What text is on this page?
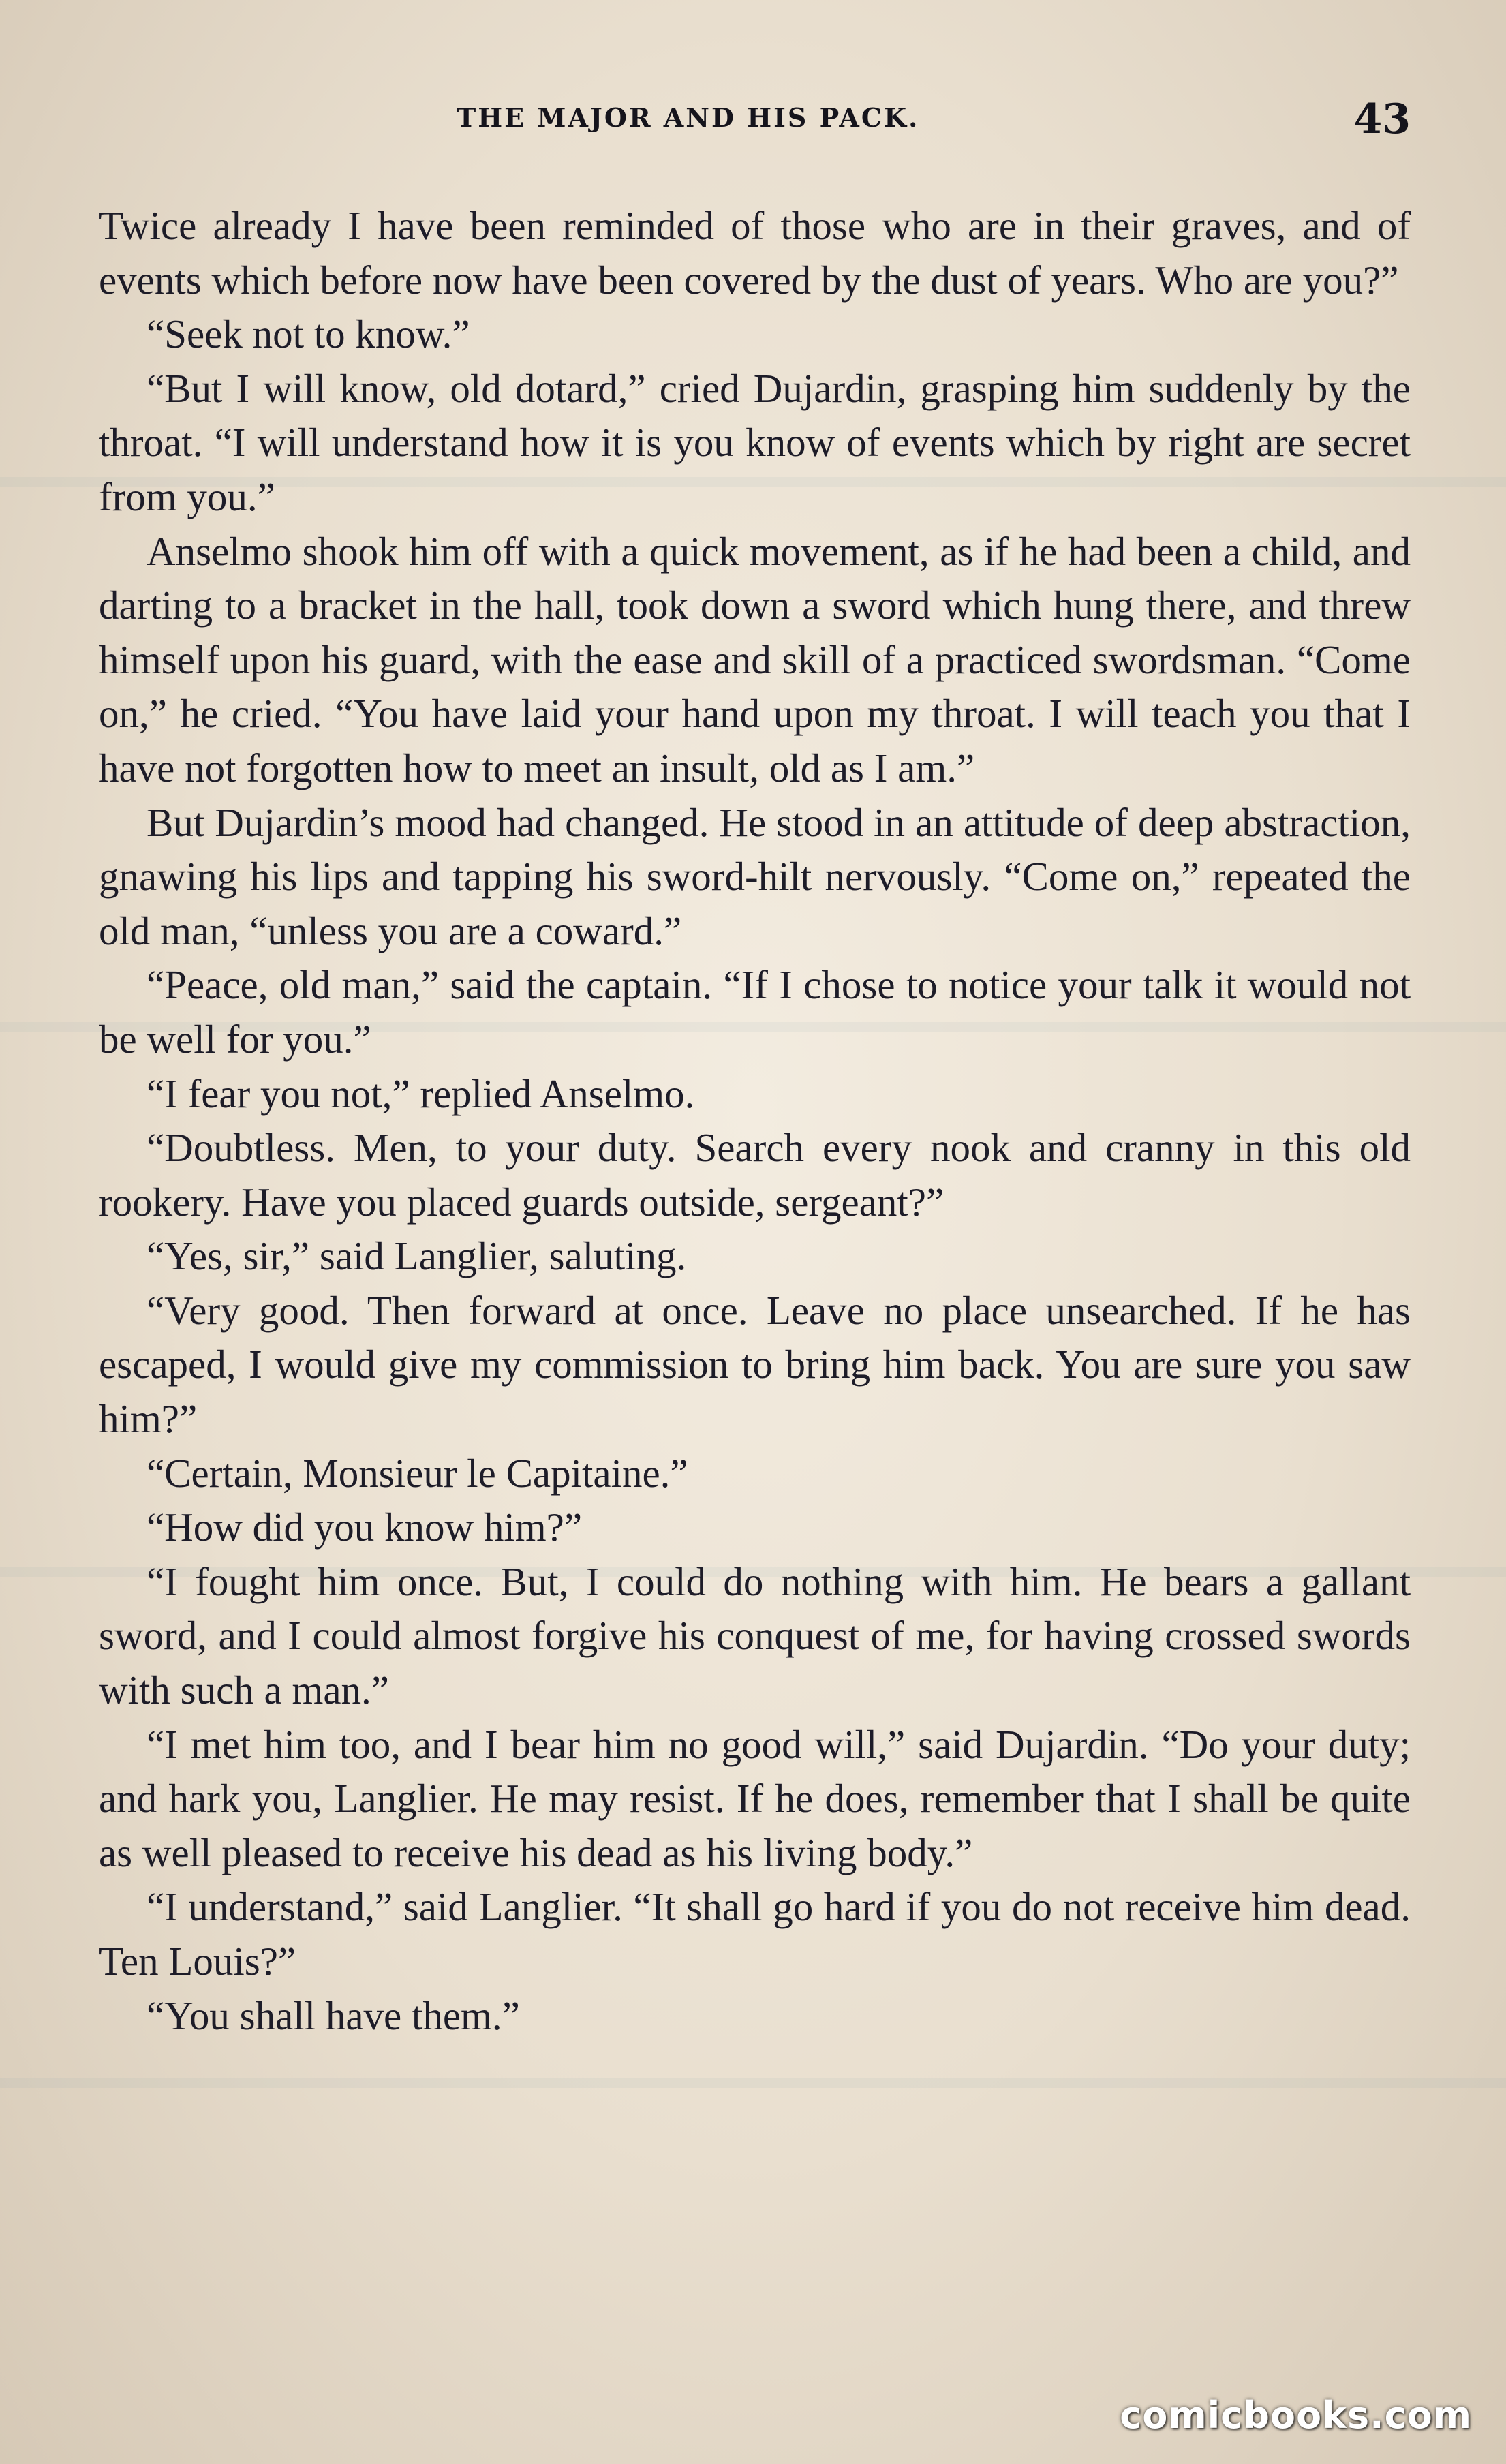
THE MAJOR AND HIS PACK.	43

Twice already I have been reminded of those who are in their graves, and of events which before now have been covered by the dust of years. Who are you?”

“Seek not to know.”

“But I will know, old dotard,” cried Dujardin, grasping him suddenly by the throat. “I will understand how it is you know of events which by right are secret from you.”

Anselmo shook him off with a quick movement, as if he had been a child, and darting to a bracket in the hall, took down a sword which hung there, and threw himself upon his guard, with the ease and skill of a practiced swordsman. “Come on,” he cried. “You have laid your hand upon my throat. I will teach you that I have not forgotten how to meet an insult, old as I am.”

But Dujardin’s mood had changed. He stood in an attitude of deep abstraction, gnawing his lips and tapping his sword-hilt nervously. “Come on,” repeated the old man, “unless you are a coward.”

“Peace, old man,” said the captain. “If I chose to notice your talk it would not be well for you.”

“I fear you not,” replied Anselmo.

“Doubtless. Men, to your duty. Search every nook and cranny in this old rookery. Have you placed guards outside, sergeant?”

“Yes, sir,” said Langlier, saluting.

“Very good. Then forward at once. Leave no place unsearched. If he has escaped, I would give my commission to bring him back. You are sure you saw him?”

“Certain, Monsieur le Capitaine.”

“How did you know him?”

“I fought him once. But, I could do nothing with him. He bears a gallant sword, and I could almost forgive his conquest of me, for having crossed swords with such a man.”

“I met him too, and I bear him no good will,” said Dujardin. “Do your duty; and hark you, Langlier. He may resist. If he does, remember that I shall be quite as well pleased to receive his dead as his living body.”

“I understand,” said Langlier. “It shall go hard if you do not receive him dead. Ten Louis?”

“You shall have them.”

comicbooks.com
